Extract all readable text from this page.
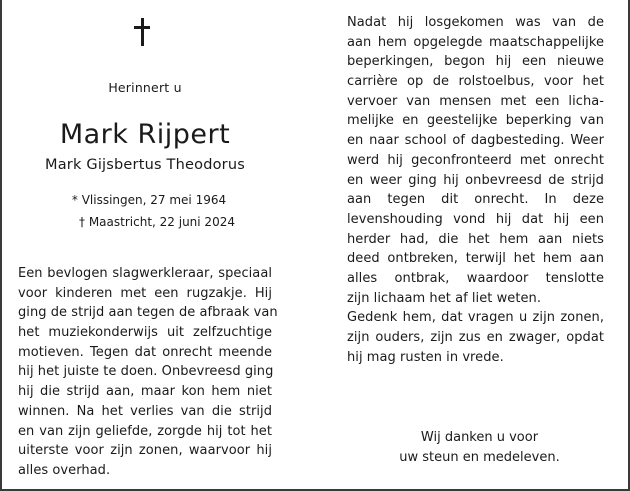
Herinnert u
Mark Rijpert
Mark Gijsbertus Theodorus
* Vlissingen, 27 mei 1964
† Maastricht, 22 juni 2024
Een bevlogen slagwerkleraar, speciaal
voor kinderen met een rugzakje. Hij
ging de strijd aan tegen de afbraak van
het muziekonderwijs uit zelfzuchtige
motieven. Tegen dat onrecht meende
hij het juiste te doen. Onbevreesd ging
hij die strijd aan, maar kon hem niet
winnen. Na het verlies van die strijd
en van zijn geliefde, zorgde hij tot het
uiterste voor zijn zonen, waarvoor hij
alles overhad.
Nadat hij losgekomen was van de
aan hem opgelegde maatschappelijke
beperkingen, begon hij een nieuwe
carrière op de rolstoelbus, voor het
vervoer van mensen met een licha-
melijke en geestelijke beperking van
en naar school of dagbesteding. Weer
werd hij geconfronteerd met onrecht
en weer ging hij onbevreesd de strijd
aan tegen dit onrecht. In deze
levenshouding vond hij dat hij een
herder had, die het hem aan niets
deed ontbreken, terwijl het hem aan
alles ontbrak, waardoor tenslotte
zijn lichaam het af liet weten.
Gedenk hem, dat vragen u zijn zonen,
zijn ouders, zijn zus en zwager, opdat
hij mag rusten in vrede.
Wij danken u voor
uw steun en medeleven.
